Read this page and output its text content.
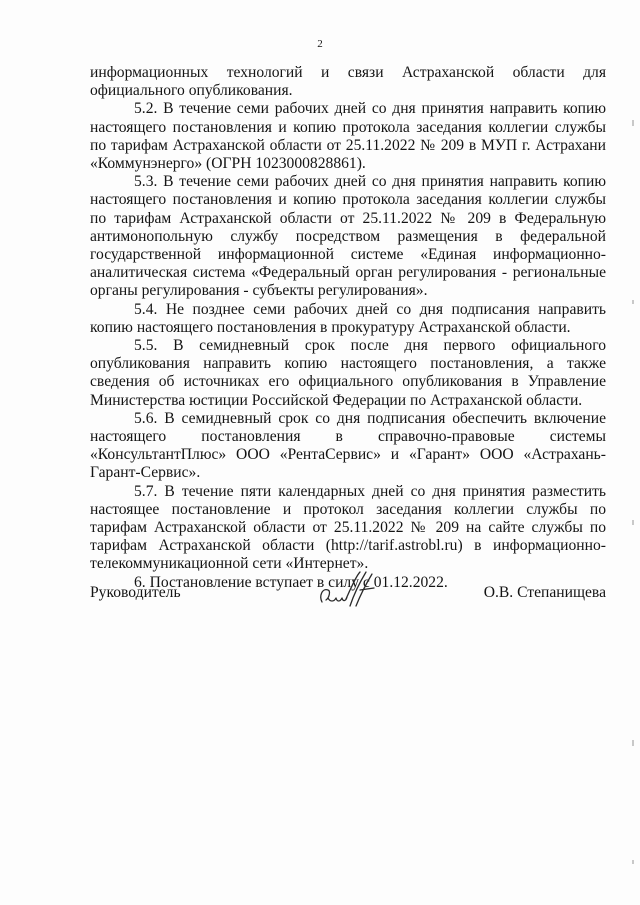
2

информационных технологий и связи Астраханской области для официального опубликования.

5.2. В течение семи рабочих дней со дня принятия направить копию настоящего постановления и копию протокола заседания коллегии службы по тарифам Астраханской области от 25.11.2022 № 209 в МУП г. Астрахани «Коммунэнерго» (ОГРН 1023000828861).

5.3. В течение семи рабочих дней со дня принятия направить копию настоящего постановления и копию протокола заседания коллегии службы по тарифам Астраханской области от 25.11.2022 № 209 в Федеральную антимонопольную службу посредством размещения в федеральной государственной информационной системе «Единая информационно-аналитическая система «Федеральный орган регулирования - региональные органы регулирования - субъекты регулирования».

5.4. Не позднее семи рабочих дней со дня подписания направить копию настоящего постановления в прокуратуру Астраханской области.

5.5. В семидневный срок после дня первого официального опубликования направить копию настоящего постановления, а также сведения об источниках его официального опубликования в Управление Министерства юстиции Российской Федерации по Астраханской области.

5.6. В семидневный срок со дня подписания обеспечить включение настоящего постановления в справочно-правовые системы «КонсультантПлюс» ООО «РентаСервис» и «Гарант» ООО «Астрахань-Гарант-Сервис».

5.7. В течение пяти календарных дней со дня принятия разместить настоящее постановление и протокол заседания коллегии службы по тарифам Астраханской области от 25.11.2022 № 209 на сайте службы по тарифам Астраханской области (http://tarif.astrobl.ru) в информационно-телекоммуникационной сети «Интернет».

6. Постановление вступает в силу с 01.12.2022.

Руководитель	О.В. Степанищева
